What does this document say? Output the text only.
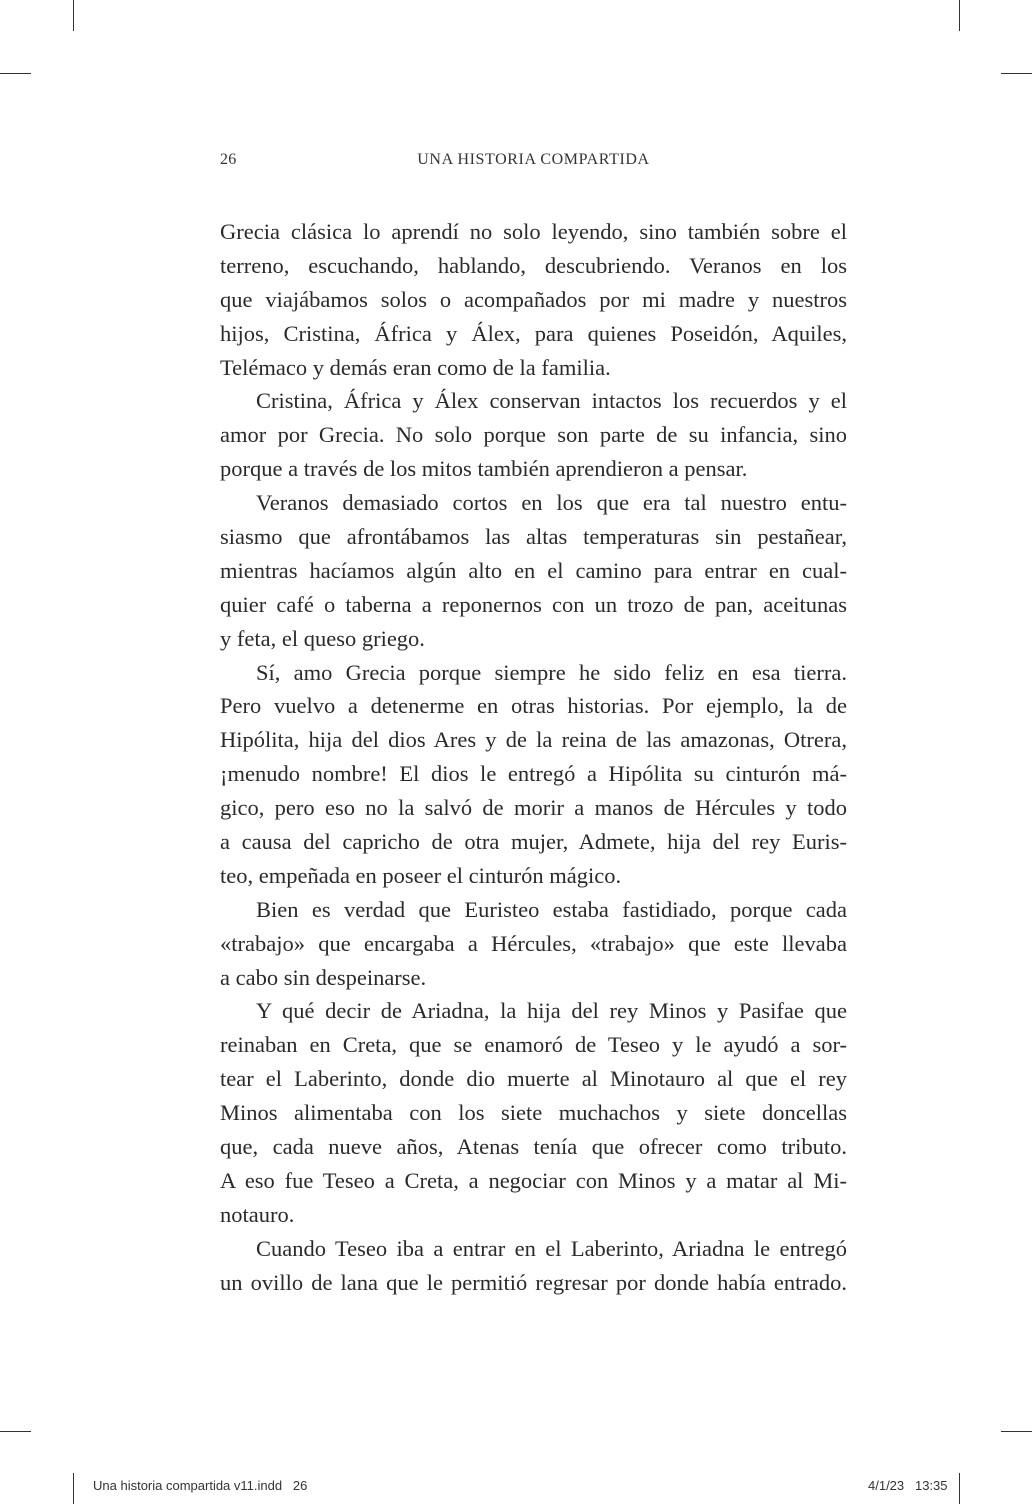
26	UNA HISTORIA COMPARTIDA
Grecia clásica lo aprendí no solo leyendo, sino también sobre el
terreno, escuchando, hablando, descubriendo. Veranos en los
que viajábamos solos o acompañados por mi madre y nuestros
hijos, Cristina, África y Álex, para quienes Poseidón, Aquiles,
Telémaco y demás eran como de la familia.
Cristina, África y Álex conservan intactos los recuerdos y el
amor por Grecia. No solo porque son parte de su infancia, sino
porque a través de los mitos también aprendieron a pensar.
Veranos demasiado cortos en los que era tal nuestro entu-
siasmo que afrontábamos las altas temperaturas sin pestañear,
mientras hacíamos algún alto en el camino para entrar en cual-
quier café o taberna a reponernos con un trozo de pan, aceitunas
y feta, el queso griego.
Sí, amo Grecia porque siempre he sido feliz en esa tierra.
Pero vuelvo a detenerme en otras historias. Por ejemplo, la de
Hipólita, hija del dios Ares y de la reina de las amazonas, Otrera,
¡menudo nombre! El dios le entregó a Hipólita su cinturón má-
gico, pero eso no la salvó de morir a manos de Hércules y todo
a causa del capricho de otra mujer, Admete, hija del rey Euris-
teo, empeñada en poseer el cinturón mágico.
Bien es verdad que Euristeo estaba fastidiado, porque cada
«trabajo» que encargaba a Hércules, «trabajo» que este llevaba
a cabo sin despeinarse.
Y qué decir de Ariadna, la hija del rey Minos y Pasifae que
reinaban en Creta, que se enamoró de Teseo y le ayudó a sor-
tear el Laberinto, donde dio muerte al Minotauro al que el rey
Minos alimentaba con los siete muchachos y siete doncellas
que, cada nueve años, Atenas tenía que ofrecer como tributo.
A eso fue Teseo a Creta, a negociar con Minos y a matar al Mi-
notauro.
Cuando Teseo iba a entrar en el Laberinto, Ariadna le entregó
un ovillo de lana que le permitió regresar por donde había entrado.
Una historia compartida v11.indd   26	4/1/23   13:35
